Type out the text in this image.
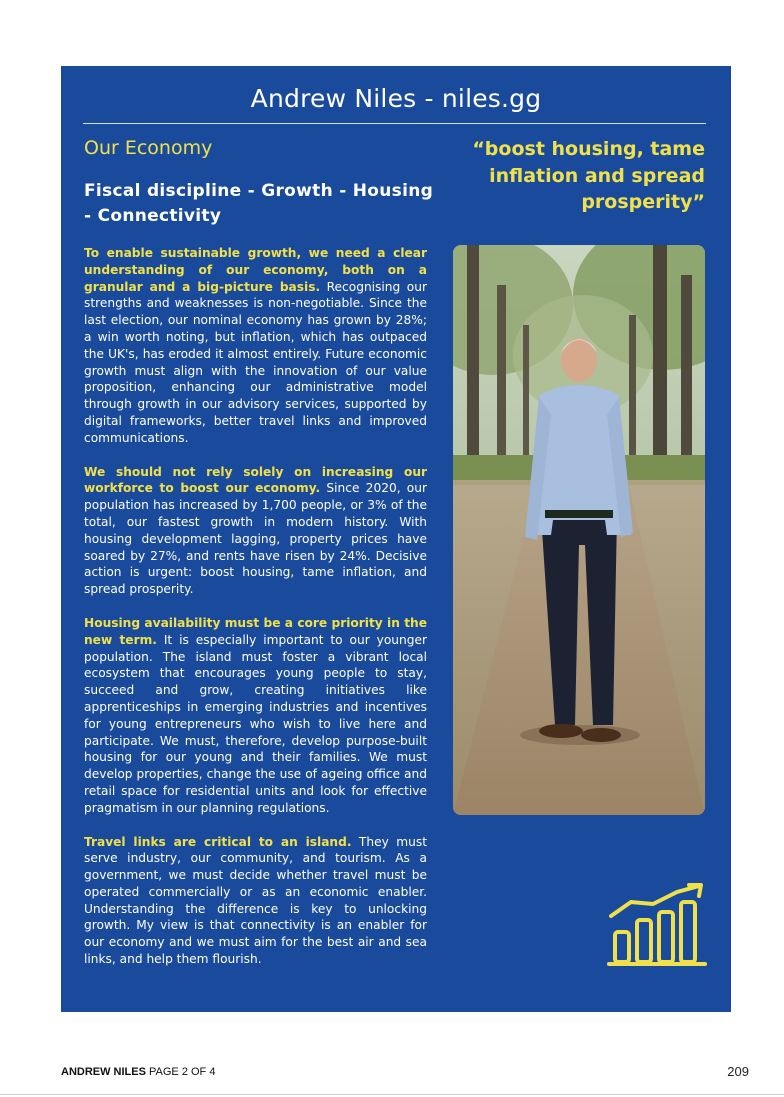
Andrew Niles - niles.gg
Our Economy
Fiscal discipline - Growth - Housing - Connectivity
“boost housing, tame inflation and spread prosperity”

To enable sustainable growth, we need a clear understanding of our economy, both on a granular and a big-picture basis. Recognising our strengths and weaknesses is non-negotiable. Since the last election, our nominal economy has grown by 28%; a win worth noting, but inflation, which has outpaced the UK's, has eroded it almost entirely. Future economic growth must align with the innovation of our value proposition, enhancing our administrative model through growth in our advisory services, supported by digital frameworks, better travel links and improved communications.

We should not rely solely on increasing our workforce to boost our economy. Since 2020, our population has increased by 1,700 people, or 3% of the total, our fastest growth in modern history. With housing development lagging, property prices have soared by 27%, and rents have risen by 24%. Decisive action is urgent: boost housing, tame inflation, and spread prosperity.

Housing availability must be a core priority in the new term. It is especially important to our younger population. The island must foster a vibrant local ecosystem that encourages young people to stay, succeed and grow, creating initiatives like apprenticeships in emerging industries and incentives for young entrepreneurs who wish to live here and participate. We must, therefore, develop purpose-built housing for our young and their families. We must develop properties, change the use of ageing office and retail space for residential units and look for effective pragmatism in our planning regulations.

Travel links are critical to an island. They must serve industry, our community, and tourism. As a government, we must decide whether travel must be operated commercially or as an economic enabler. Understanding the difference is key to unlocking growth. My view is that connectivity is an enabler for our economy and we must aim for the best air and sea links, and help them flourish.

ANDREW NILES PAGE 2 OF 4	209
